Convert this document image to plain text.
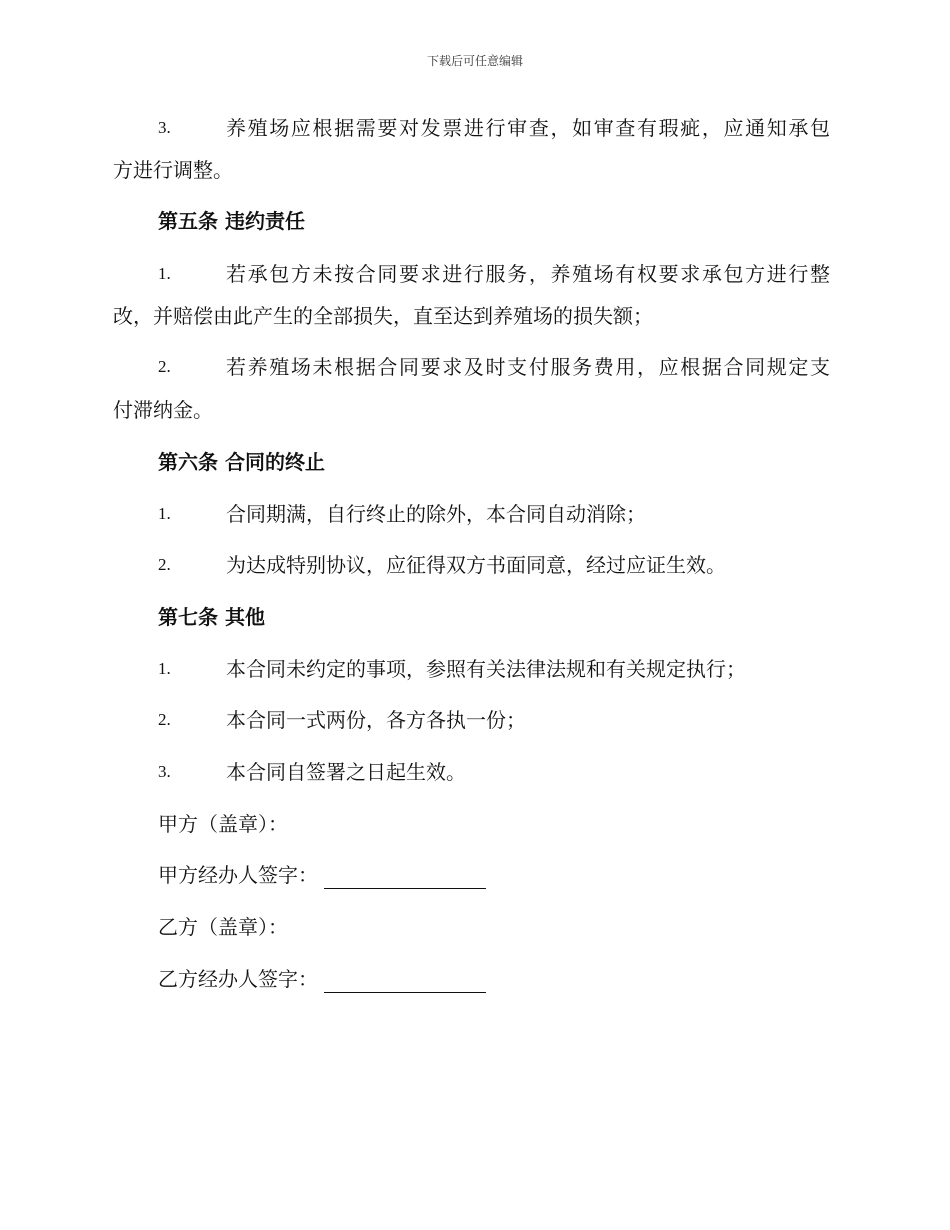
下载后可任意编辑
3.	养殖场应根据需要对发票进行审查，如审查有瑕疵，应通知承包
方进行调整。
第五条 违约责任
1.	若承包方未按合同要求进行服务，养殖场有权要求承包方进行整
改，并赔偿由此产生的全部损失，直至达到养殖场的损失额；
2.	若养殖场未根据合同要求及时支付服务费用，应根据合同规定支
付滞纳金。
第六条 合同的终止
1.	合同期满，自行终止的除外，本合同自动消除；
2.	为达成特别协议，应征得双方书面同意，经过应证生效。
第七条 其他
1.	本合同未约定的事项，参照有关法律法规和有关规定执行；
2.	本合同一式两份，各方各执一份；
3.	本合同自签署之日起生效。
甲方（盖章）：
甲方经办人签字：
乙方（盖章）：
乙方经办人签字：
